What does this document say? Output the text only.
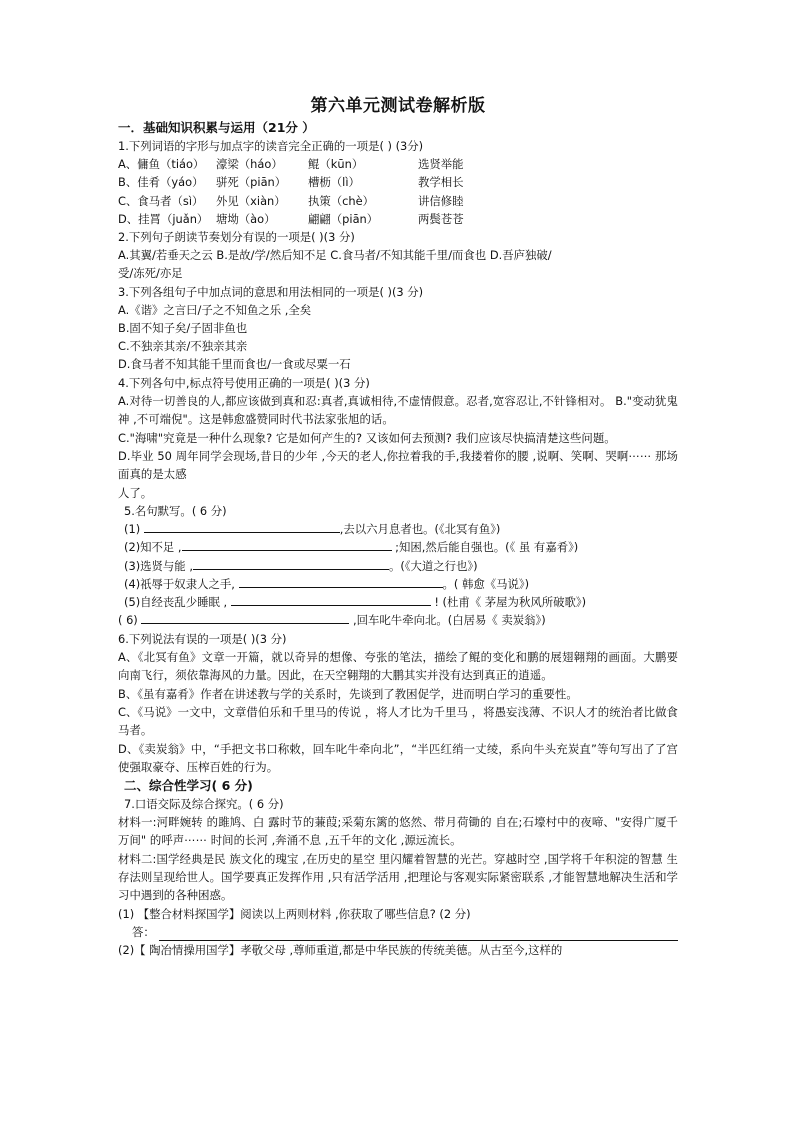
第六单元测试卷解析版
一．基础知识积累与运用（21分 ）
1.下列词语的字形与加点字的读音完全正确的一项是( ) (3分)
A、傭鱼（tiáo）	濠梁（háo）	鲲（kūn）	选贤举能
B、佳肴（yáo）	骈死（piān）	槽枥（lì）	教学相长
C、食马者（sì）	外见（xiàn）	执策（chè）	讲信修睦
D、挂罥（juǎn） 塘坳（ào）	翩翩（piān）	两鬓苍苍
2.下列句子朗读节奏划分有误的一项是( )(3 分)
A.其翼/若垂天之云 B.是故/学/然后知不足 C.食马者/不知其能千里/而食也 D.吾庐独破/
受/冻死/亦足
3.下列各组句子中加点词的意思和用法相同的一项是( )(3 分)
A.《谐》之言曰/子之不知鱼之乐 ,全矣
B.固不知子矣/子固非鱼也
C.不独亲其亲/不独亲其亲
D.食马者不知其能千里而食也/一食或尽粟一石
4.下列各句中,标点符号使用正确的一项是( )(3 分)
A.对待一切善良的人,都应该做到真和忍:真者,真诚相待,不虚情假意。忍者,宽容忍让,不针锋相对。 B."变动犹鬼神 ,不可端倪"。这是韩愈盛赞同时代书法家张旭的话。
C."海啸"究竟是一种什么现象? 它是如何产生的? 又该如何去预测? 我们应该尽快搞清楚这些问题。
D.毕业 50 周年同学会现场,昔日的少年 ,今天的老人,你拉着我的手,我搂着你的腰 ,说啊、笑啊、哭啊⋯⋯ 那场面真的是太感
人了。
5.名句默写。( 6 分)
(1)	,去以六月息者也。(《北冥有鱼》)
(2)知不足 ,	;知困,然后能自强也。(《 虽 有嘉肴》)
(3)选贤与能 ,	。(《大道之行也》)
(4)祇辱于奴隶人之手,	。( 韩愈《马说》)
(5)自经丧乱少睡眠 ,	! (杜甫《 茅屋为秋风所破歌》)
( 6)	,回车叱牛牵向北。(白居易《 卖炭翁》)
6.下列说法有误的一项是( )(3 分)
A、《北冥有鱼》文章一开篇，就以奇异的想像、夸张的笔法，描绘了鲲的变化和鹏的展翅翱翔的画面。大鹏要向南飞行，须依靠海风的力量。因此，在天空翱翔的大鹏其实并没有达到真正的逍遥。
B、《虽有嘉肴》作者在讲述教与学的关系时，先谈到了教困促学，进而明白学习的重要性。
C、《马说》一文中，文章借伯乐和千里马的传说 ，将人才比为千里马 ，将愚妄浅薄、不识人才的统治者比做食马者。
D、《卖炭翁》中，“手把文书口称敕，回车叱牛牵向北”，“半匹红绡一丈绫，系向牛头充炭直”等句写出了了宫使强取豪夺、压榨百姓的行为。
二、综合性学习( 6 分)
7.口语交际及综合探究。( 6 分)
材料一:河畔婉转 的雎鸠、白 露时节的蒹葭;采菊东篱的悠然、带月荷锄的 自在;石壕村中的夜啼、"安得广厦千万间" 的呼声⋯⋯ 时间的长河 ,奔涌不息 ,五千年的文化 ,源远流长。
材料二:国学经典是民 族文化的瑰宝 ,在历史的星空 里闪耀着智慧的光芒。穿越时空 ,国学将千年积淀的智慧 生存法则呈现给世人。国学要真正发挥作用 ,只有活学活用 ,把理论与客观实际紧密联系 ,才能智慧地解决生活和学习中遇到的各种困惑。
(1) 【整合材料探国学】阅读以上两则材料 ,你获取了哪些信息? (2 分)
答：
(2)【 陶冶情操用国学】孝敬父母 ,尊师重道,都是中华民族的传统美德。从古至今,这样的
